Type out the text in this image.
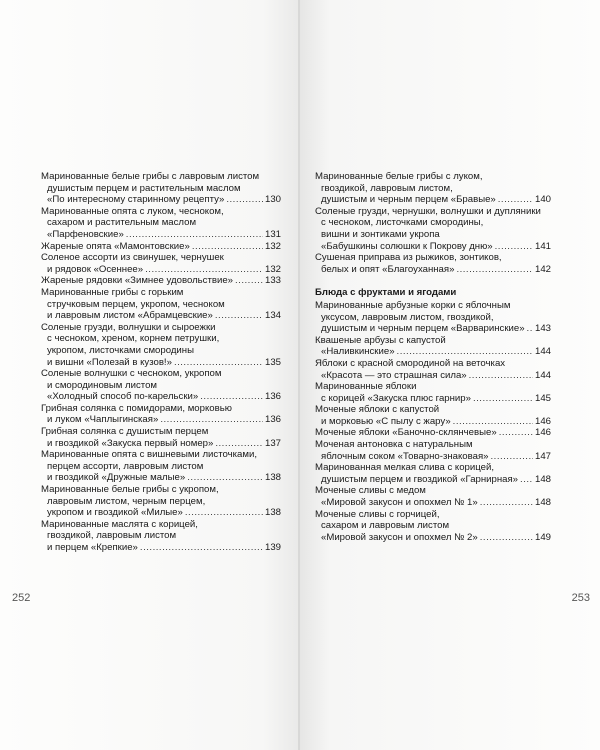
Маринованные белые грибы с лавровым листом
душистым перцем и растительным маслом
«По интересному старинному рецепту» .....	130
Маринованные опята с луком, чесноком,
сахаром и растительным маслом
«Парфеновские» .....	131
Жареные опята «Мамонтовские» .....	132
Соленое ассорти из свинушек, чернушек
и рядовок «Осеннее» .....	132
Жареные рядовки «Зимнее удовольствие» .....	133
Маринованные грибы с горьким
стручковым перцем, укропом, чесноком
и лавровым листом «Абрамцевские» .....	134
Соленые грузди, волнушки и сыроежки
с чесноком, хреном, корнем петрушки,
укропом, листочками смородины
и вишни «Полезай в кузов!» .....	135
Соленые волнушки с чесноком, укропом
и смородиновым листом
«Холодный способ по-карельски» .....	136
Грибная солянка с помидорами, морковью
и луком «Чаплыгинская» .....	136
Грибная солянка с душистым перцем
и гвоздикой «Закуска первый номер» .....	137
Маринованные опята с вишневыми листочками,
перцем ассорти, лавровым листом
и гвоздикой «Дружные малые» .....	138
Маринованные белые грибы с укропом,
лавровым листом, черным перцем,
укропом и гвоздикой «Милые» .....	138
Маринованные маслята с корицей,
гвоздикой, лавровым листом
и перцем «Крепкие» .....	139
252
Маринованные белые грибы с луком,
гвоздикой, лавровым листом,
душистым и черным перцем «Бравые» .....	140
Соленые грузди, чернушки, волнушки и дупляники
с чесноком, листочками смородины,
вишни и зонтиками укропа
«Бабушкины солюшки к Покрову дню» .....	141
Сушеная приправа из рыжиков, зонтиков,
белых и опят «Благоуханная» .....	142
Блюда с фруктами и ягодами
Маринованные арбузные корки с яблочным
уксусом, лавровым листом, гвоздикой,
душистым и черным перцем «Варваринские» ..... 143
Квашеные арбузы с капустой
«Наливкинские» .....	144
Яблоки с красной смородиной на веточках
«Красота — это страшная сила» .....	144
Маринованные яблоки
с корицей «Закуска плюс гарнир» .....	145
Моченые яблоки с капустой
и морковью «С пылу с жару» .....	146
Моченые яблоки «Баночно-склянчевые» .....	146
Моченая антоновка с натуральным
яблочным соком «Товарно-знаковая» .....	147
Маринованная мелкая слива с корицей,
душистым перцем и гвоздикой «Гарнирная» ..... 148
Моченые сливы с медом
«Мировой закусон и опохмел № 1» .....	148
Моченые сливы с горчицей,
сахаром и лавровым листом
«Мировой закусон и опохмел № 2» .....	149
253
